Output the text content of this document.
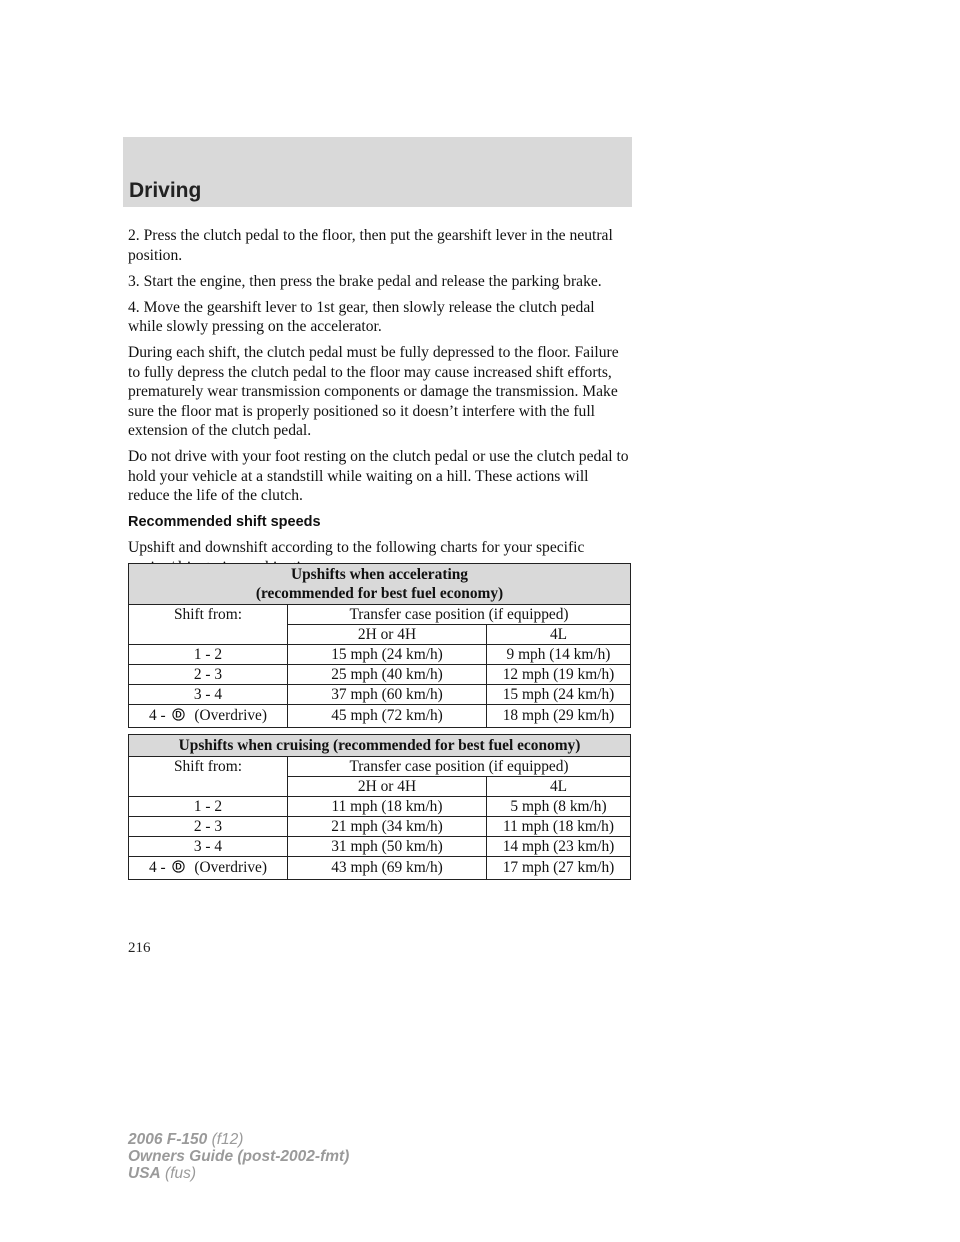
Driving

2. Press the clutch pedal to the floor, then put the gearshift lever in the neutral position.

3. Start the engine, then press the brake pedal and release the parking brake.

4. Move the gearshift lever to 1st gear, then slowly release the clutch pedal while slowly pressing on the accelerator.

During each shift, the clutch pedal must be fully depressed to the floor. Failure to fully depress the clutch pedal to the floor may cause increased shift efforts, prematurely wear transmission components or damage the transmission. Make sure the floor mat is properly positioned so it doesn’t interfere with the full extension of the clutch pedal.

Do not drive with your foot resting on the clutch pedal or use the clutch pedal to hold your vehicle at a standstill while waiting on a hill. These actions will reduce the life of the clutch.

Recommended shift speeds

Upshift and downshift according to the following charts for your specific

Upshifts when accelerating
(recommended for best fuel economy)		
Shift from:	Transfer case position (if equipped)	
	2H or 4H	4L
1 - 2	15 mph (24 km/h)	9 mph (14 km/h)
2 - 3	25 mph (40 km/h)	12 mph (19 km/h)
3 - 4	37 mph (60 km/h)	15 mph (24 km/h)
4 - D (Overdrive)	45 mph (72 km/h)	18 mph (29 km/h)
Upshifts when cruising (recommended for best fuel economy)		
Shift from:	Transfer case position (if equipped)	
	2H or 4H	4L
1 - 2	11 mph (18 km/h)	5 mph (8 km/h)
2 - 3	21 mph (34 km/h)	11 mph (18 km/h)
3 - 4	31 mph (50 km/h)	14 mph (23 km/h)
4 - D (Overdrive)	43 mph (69 km/h)	17 mph (27 km/h)
216
2006 F-150 (f12)
Owners Guide (post-2002-fmt)
USA (fus)
